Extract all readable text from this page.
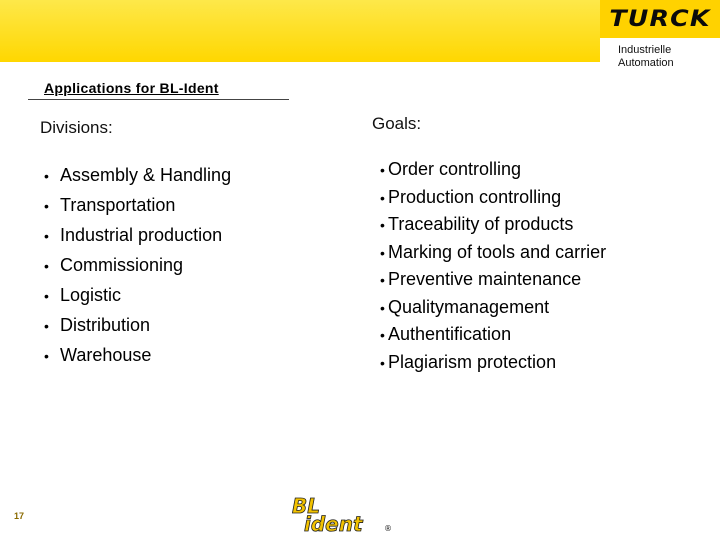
TURCK
Industrielle
Automation
Applications for BL-Ident
Divisions:
• Assembly & Handling
• Transportation
• Industrial production
• Commissioning
• Logistic
• Distribution
• Warehouse
Goals:
• Order controlling
• Production controlling
• Traceability of products
• Marking of tools and carrier
• Preventive maintenance
• Qualitymanagement
• Authentification
• Plagiarism protection
17	BL
ident	®
